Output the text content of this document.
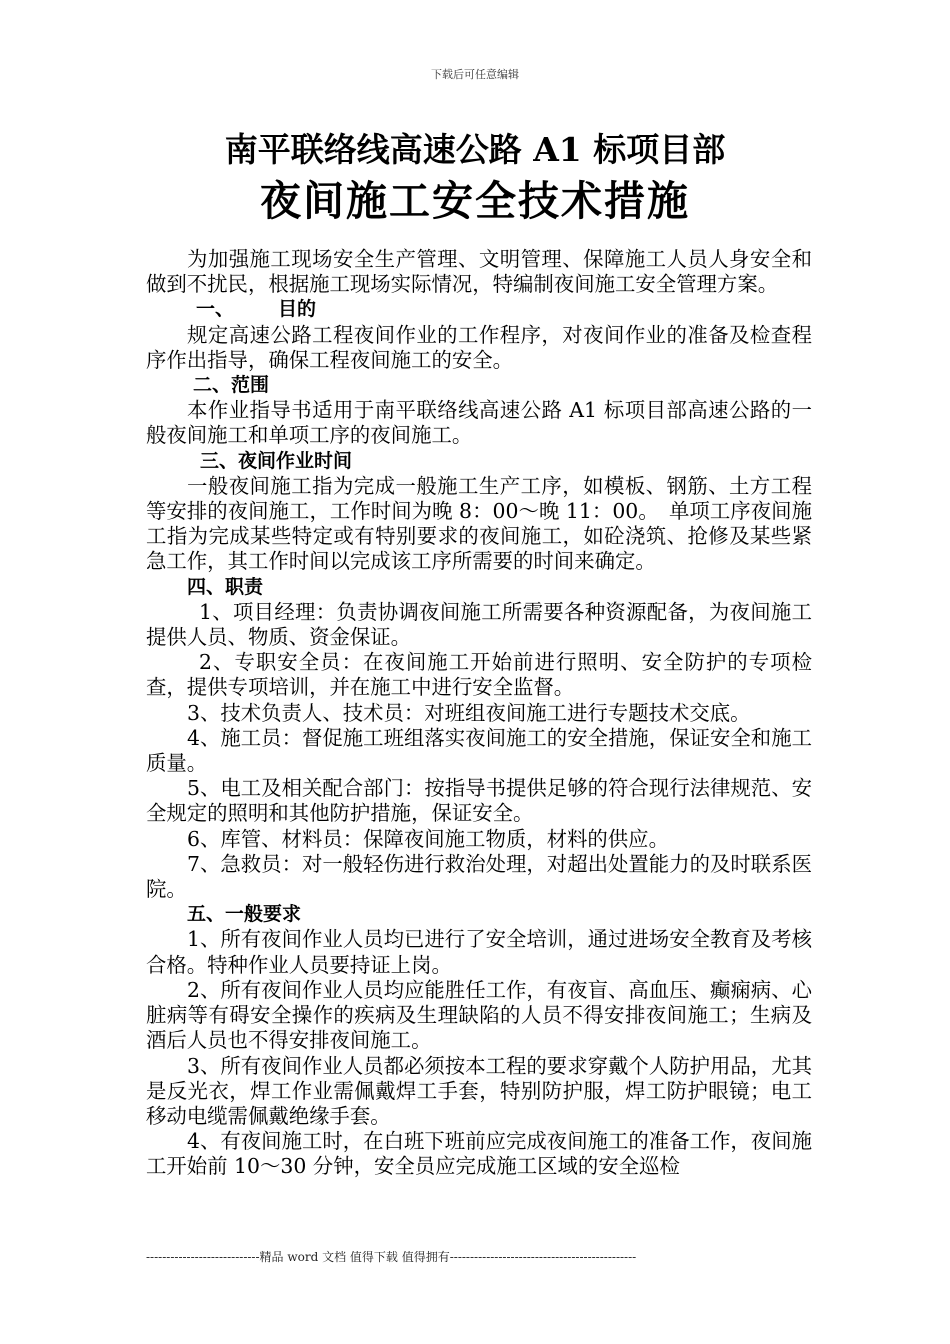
下载后可任意编辑
南平联络线高速公路 A1 标项目部
夜间施工安全技术措施

为加强施工现场安全生产管理、文明管理、保障施工人员人身安全和做到不扰民，根据施工现场实际情况，特编制夜间施工安全管理方案。

一、 目的

规定高速公路工程夜间作业的工作程序，对夜间作业的准备及检查程序作出指导，确保工程夜间施工的安全。

二、范围

本作业指导书适用于南平联络线高速公路 A1 标项目部高速公路的一般夜间施工和单项工序的夜间施工。

三、夜间作业时间

一般夜间施工指为完成一般施工生产工序，如模板、钢筋、土方工程等安排的夜间施工，工作时间为晚 8：00～晚 11：00。　单项工序夜间施工指为完成某些特定或有特别要求的夜间施工，如砼浇筑、抢修及某些紧急工作，其工作时间以完成该工序所需要的时间来确定。

四、职责

1、项目经理：负责协调夜间施工所需要各种资源配备，为夜间施工提供人员、物质、资金保证。

2、专职安全员：在夜间施工开始前进行照明、安全防护的专项检查，提供专项培训，并在施工中进行安全监督。

3、技术负责人、技术员：对班组夜间施工进行专题技术交底。

4、施工员：督促施工班组落实夜间施工的安全措施，保证安全和施工质量。

5、电工及相关配合部门：按指导书提供足够的符合现行法律规范、安全规定的照明和其他防护措施，保证安全。

6、库管、材料员：保障夜间施工物质，材料的供应。

7、急救员：对一般轻伤进行救治处理，对超出处置能力的及时联系医院。

五、一般要求

1、所有夜间作业人员均已进行了安全培训，通过进场安全教育及考核合格。特种作业人员要持证上岗。

2、所有夜间作业人员均应能胜任工作，有夜盲、高血压、癫痫病、心脏病等有碍安全操作的疾病及生理缺陷的人员不得安排夜间施工；生病及酒后人员也不得安排夜间施工。

3、所有夜间作业人员都必须按本工程的要求穿戴个人防护用品，尤其是反光衣，焊工作业需佩戴焊工手套，特别防护服，焊工防护眼镜；电工移动电缆需佩戴绝缘手套。

4、有夜间施工时，在白班下班前应完成夜间施工的准备工作，夜间施工开始前 10～30 分钟，安全员应完成施工区域的安全巡检

----------------------------精品 word 文档 值得下载 值得拥有----------------------------------------------
